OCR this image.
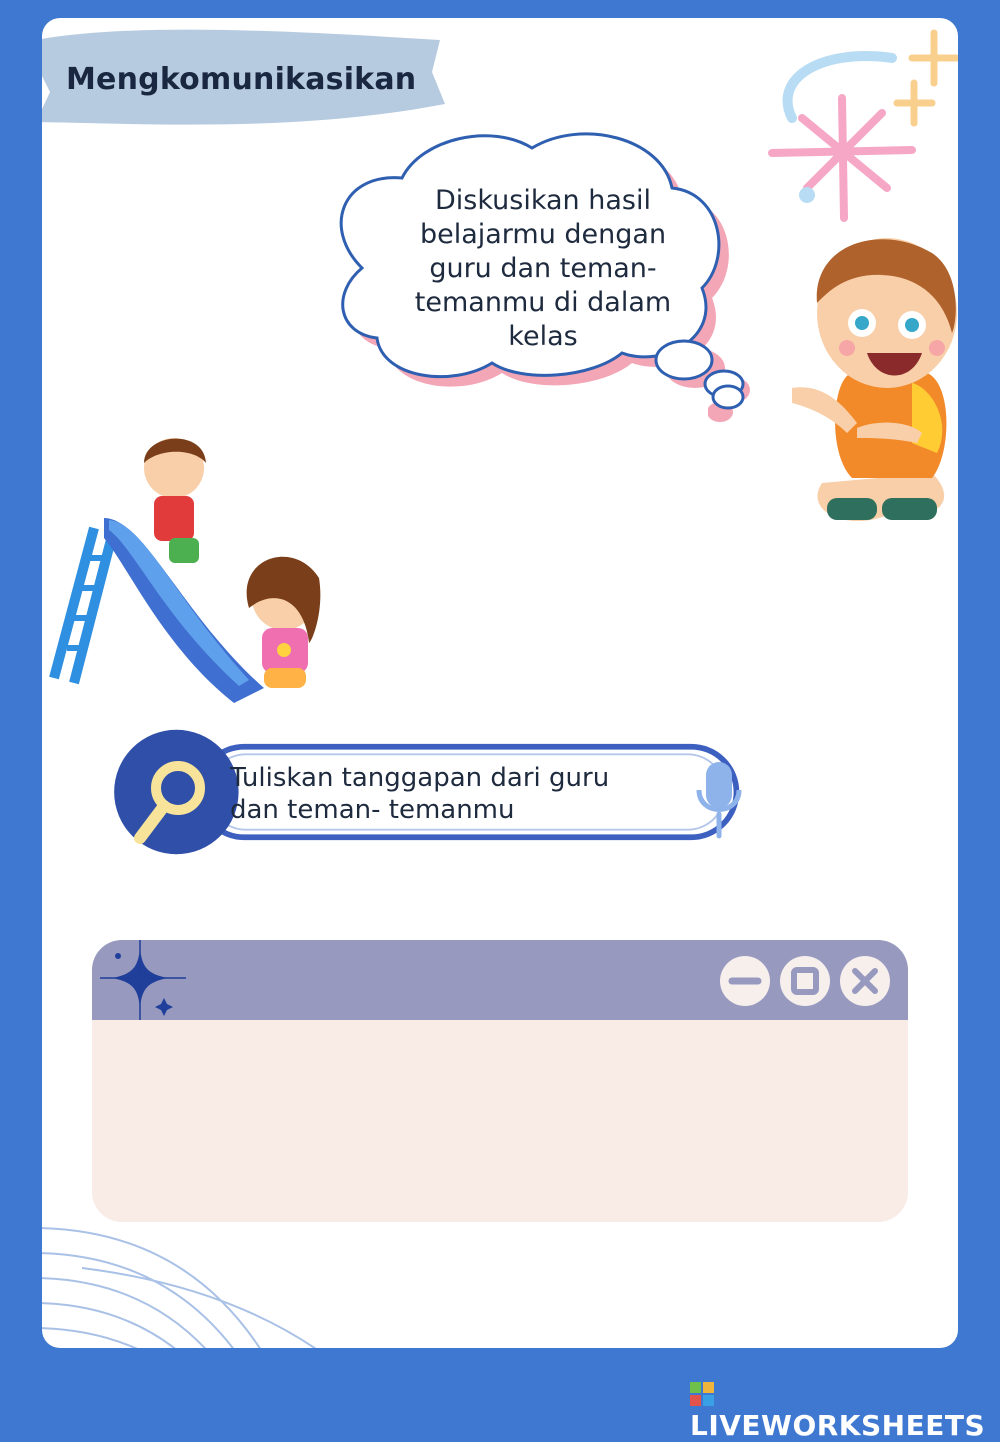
Mengkomunikasikan
Diskusikan hasil
belajarmu dengan
guru dan teman-
temanmu di dalam
kelas
Tuliskan tanggapan dari guru
dan teman- temanmu
LIVEWORKSHEETS
